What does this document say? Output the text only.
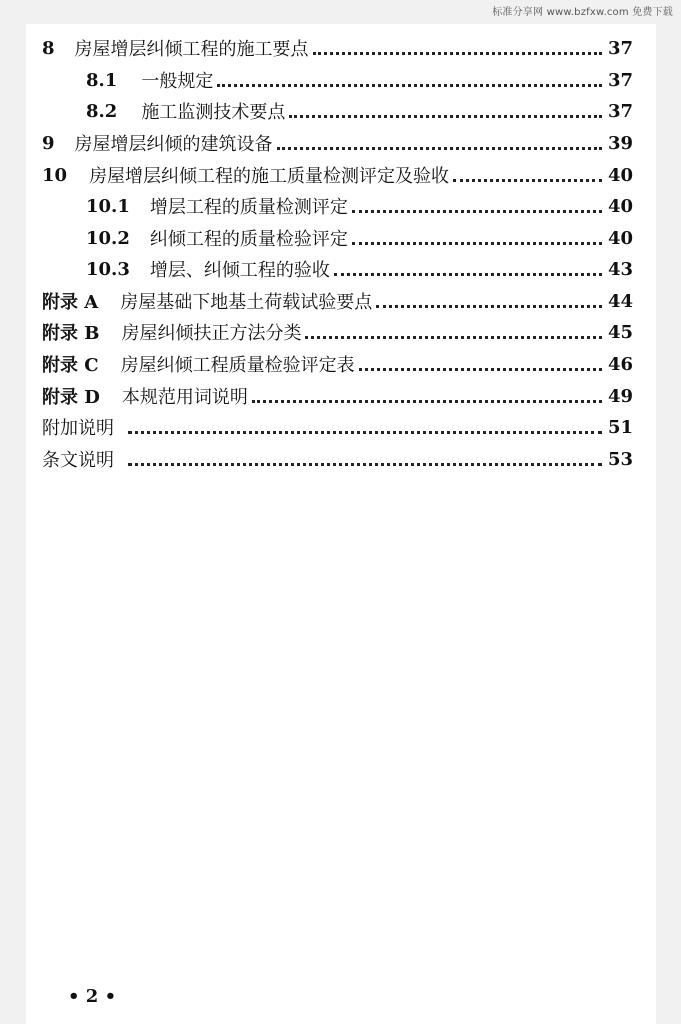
标准分享网 www.bzfxw.com 免费下载
8 房屋增层纠倾工程的施工要点	37
8.1 一般规定	37
8.2 施工监测技术要点	37
9 房屋增层纠倾的建筑设备	39
10 房屋增层纠倾工程的施工质量检测评定及验收	40
10.1 增层工程的质量检测评定	40
10.2 纠倾工程的质量检验评定	40
10.3 增层、纠倾工程的验收	43
附录 A 房屋基础下地基土荷载试验要点	44
附录 B 房屋纠倾扶正方法分类	45
附录 C 房屋纠倾工程质量检验评定表	46
附录 D 本规范用词说明	49
附加说明	51
条文说明	53
• 2 •
